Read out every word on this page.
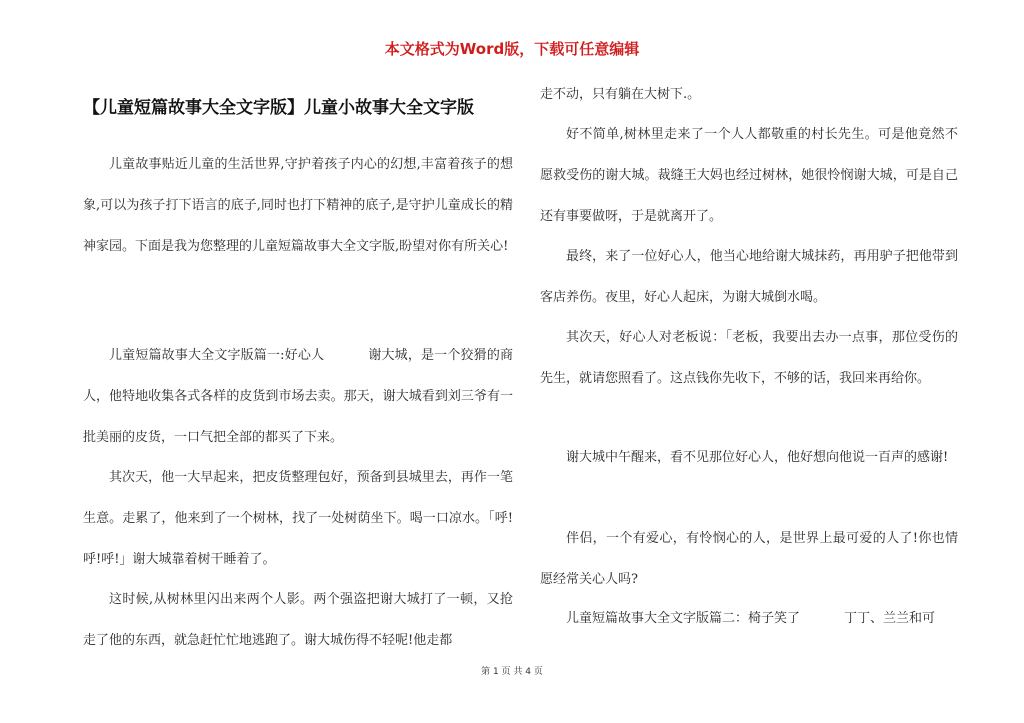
本文格式为Word版，下载可任意编辑
【儿童短篇故事大全文字版】儿童小故事大全文字版

儿童故事贴近儿童的生活世界,守护着孩子内心的幻想,丰富着孩子的想象,可以为孩子打下语言的底子,同时也打下精神的底子,是守护儿童成长的精神家园。下面是我为您整理的儿童短篇故事大全文字版,盼望对你有所关心!

儿童短篇故事大全文字版篇一:好心人	谢大城，是一个狡猾的商人，他特地收集各式各样的皮货到市场去卖。那天，谢大城看到刘三爷有一批美丽的皮货，一口气把全部的都买了下来。

其次天，他一大早起来，把皮货整理包好，预备到县城里去，再作一笔生意。走累了，他来到了一个树林，找了一处树荫坐下。喝一口凉水。「呼!呼!呼!」谢大城靠着树干睡着了。

这时候,从树林里闪出来两个人影。两个强盗把谢大城打了一顿，又抢走了他的东西，就急赶忙忙地逃跑了。谢大城伤得不轻呢!他走都

走不动，只有躺在大树下.。

好不简单,树林里走来了一个人人都敬重的村长先生。可是他竟然不愿救受伤的谢大城。裁缝王大妈也经过树林，她很怜悯谢大城，可是自己还有事要做呀，于是就离开了。

最终，来了一位好心人，他当心地给谢大城抹药，再用驴子把他带到客店养伤。夜里，好心人起床，为谢大城倒水喝。

其次天，好心人对老板说：「老板，我要出去办一点事，那位受伤的先生，就请您照看了。这点钱你先收下，不够的话，我回来再给你。

谢大城中午醒来，看不见那位好心人，他好想向他说一百声的感谢!

伴侣，一个有爱心，有怜悯心的人，是世界上最可爱的人了!你也情愿经常关心人吗?

儿童短篇故事大全文字版篇二：椅子笑了	丁丁、兰兰和可

第 1 页 共 4 页
